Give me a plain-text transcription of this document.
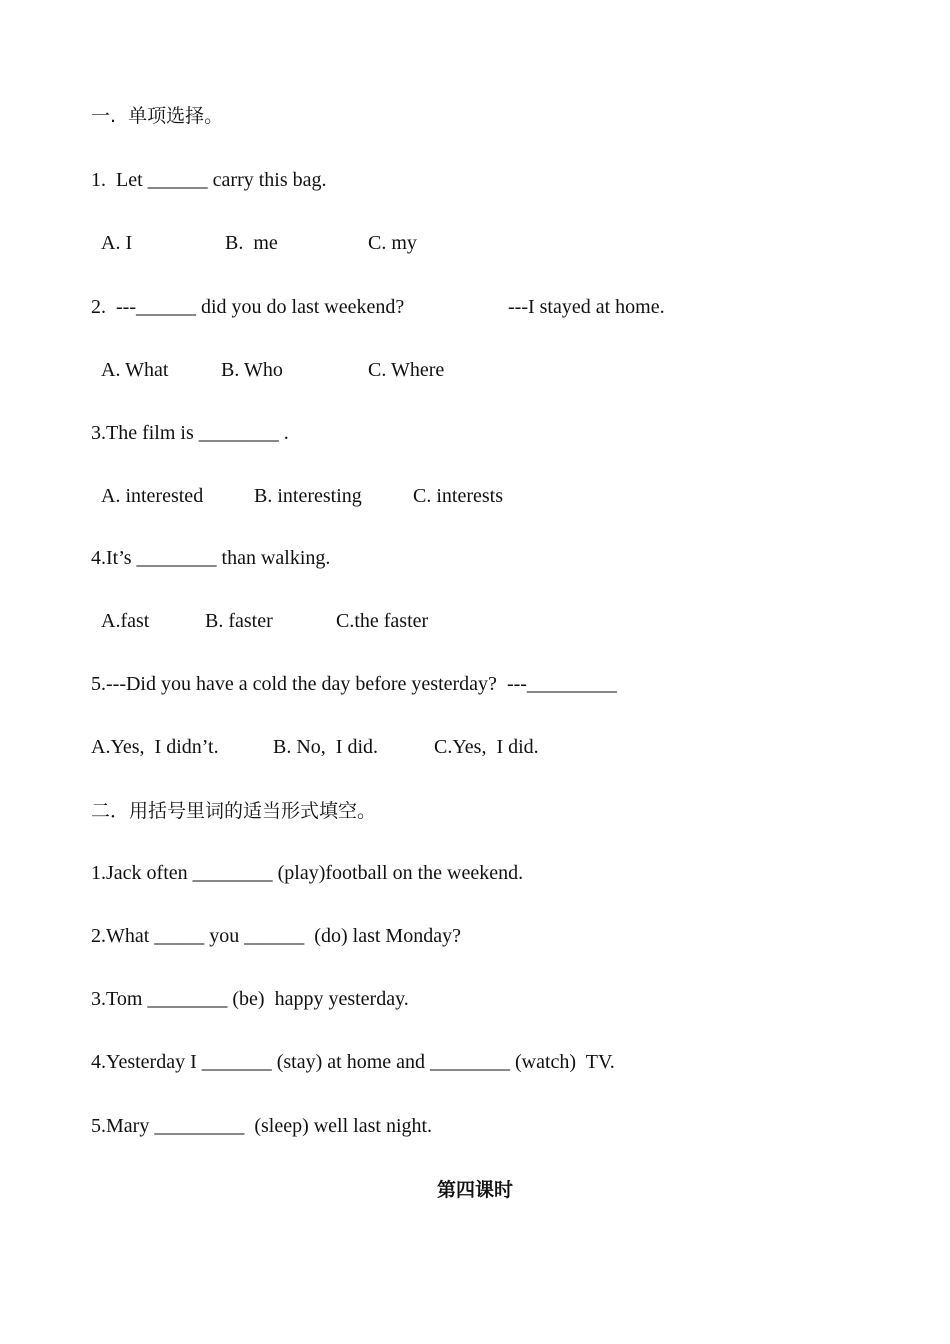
一.  单项选择。
1.  Let ______ carry this bag.
A. I	B.  me	C. my
2.  ---______ did you do last weekend?	---I stayed at home.
A. What	B. Who	C. Where
3.The film is ________ .
A. interested	B. interesting	C. interests
4.It’s ________ than walking.
A.fast	B. faster	C.the faster
5.---Did you have a cold the day before yesterday?  ---_________
A.Yes,  I didn’t.	B. No,  I did.	C.Yes,  I did.
二．用括号里词的适当形式填空。
1.Jack often ________ (play)football on the weekend.
2.What _____ you ______  (do) last Monday?
3.Tom ________ (be)  happy yesterday.
4.Yesterday I _______ (stay) at home and ________ (watch)  TV.
5.Mary _________  (sleep) well last night.
第四课时
